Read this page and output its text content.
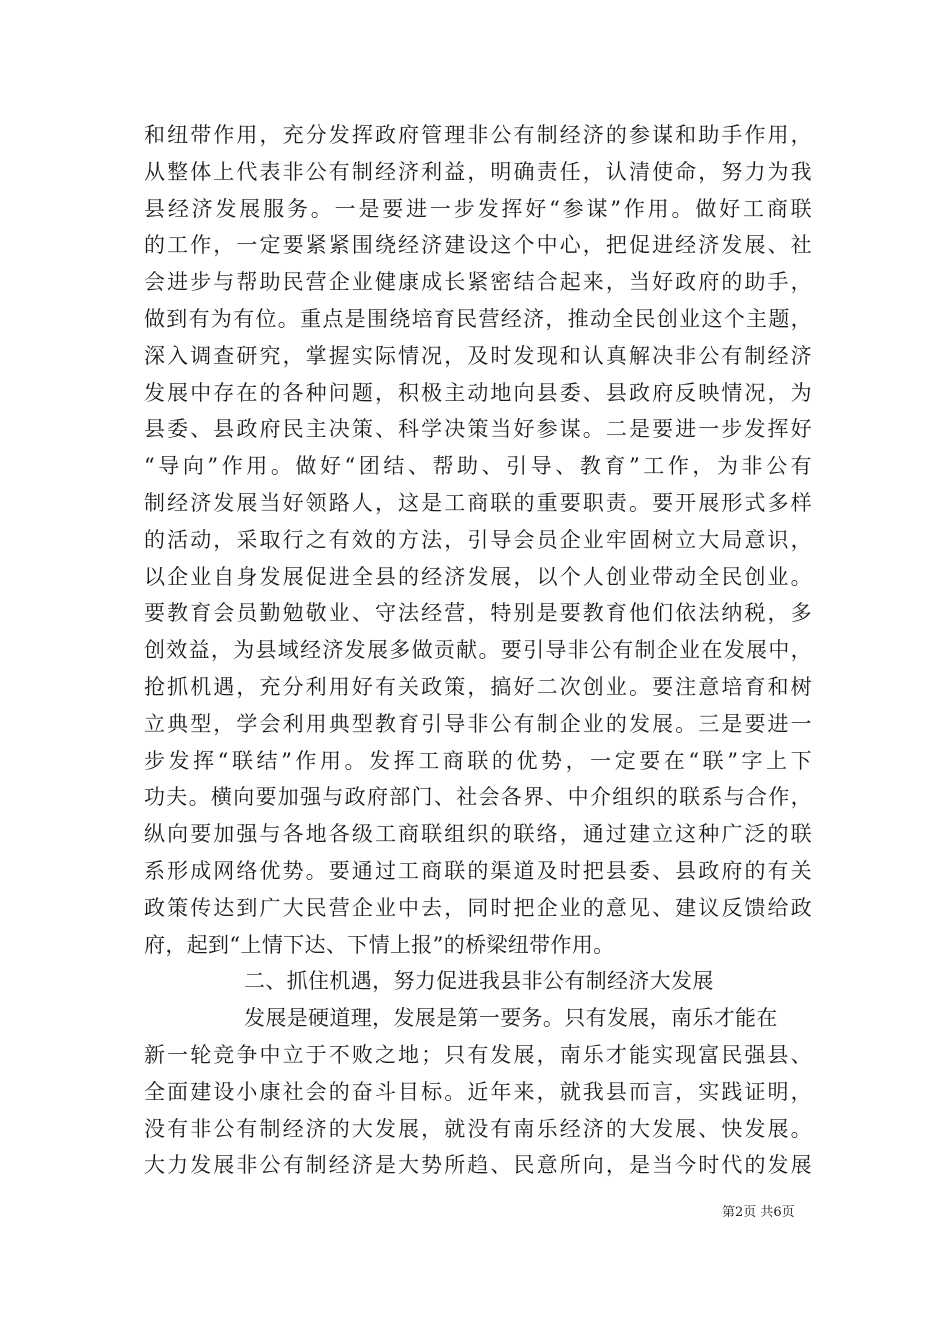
和纽带作用，充分发挥政府管理非公有制经济的参谋和助手作用，
从整体上代表非公有制经济利益，明确责任，认清使命，努力为我
县经济发展服务。一是要进一步发挥好“参谋”作用。做好工商联
的工作，一定要紧紧围绕经济建设这个中心，把促进经济发展、社
会进步与帮助民营企业健康成长紧密结合起来，当好政府的助手，
做到有为有位。重点是围绕培育民营经济，推动全民创业这个主题，
深入调查研究，掌握实际情况，及时发现和认真解决非公有制经济
发展中存在的各种问题，积极主动地向县委、县政府反映情况，为
县委、县政府民主决策、科学决策当好参谋。二是要进一步发挥好
“导向”作用。做好“团结、帮助、引导、教育”工作，为非公有
制经济发展当好领路人，这是工商联的重要职责。要开展形式多样
的活动，采取行之有效的方法，引导会员企业牢固树立大局意识，
以企业自身发展促进全县的经济发展，以个人创业带动全民创业。
要教育会员勤勉敬业、守法经营，特别是要教育他们依法纳税，多
创效益，为县域经济发展多做贡献。要引导非公有制企业在发展中，
抢抓机遇，充分利用好有关政策，搞好二次创业。要注意培育和树
立典型，学会利用典型教育引导非公有制企业的发展。三是要进一
步发挥“联结”作用。发挥工商联的优势，一定要在“联”字上下
功夫。横向要加强与政府部门、社会各界、中介组织的联系与合作，
纵向要加强与各地各级工商联组织的联络，通过建立这种广泛的联
系形成网络优势。要通过工商联的渠道及时把县委、县政府的有关
政策传达到广大民营企业中去，同时把企业的意见、建议反馈给政
府，起到“上情下达、下情上报”的桥梁纽带作用。
二、抓住机遇，努力促进我县非公有制经济大发展
发展是硬道理，发展是第一要务。只有发展，南乐才能在
新一轮竞争中立于不败之地；只有发展，南乐才能实现富民强县、
全面建设小康社会的奋斗目标。近年来，就我县而言，实践证明，
没有非公有制经济的大发展，就没有南乐经济的大发展、快发展。
大力发展非公有制经济是大势所趋、民意所向，是当今时代的发展
第2页 共6页
